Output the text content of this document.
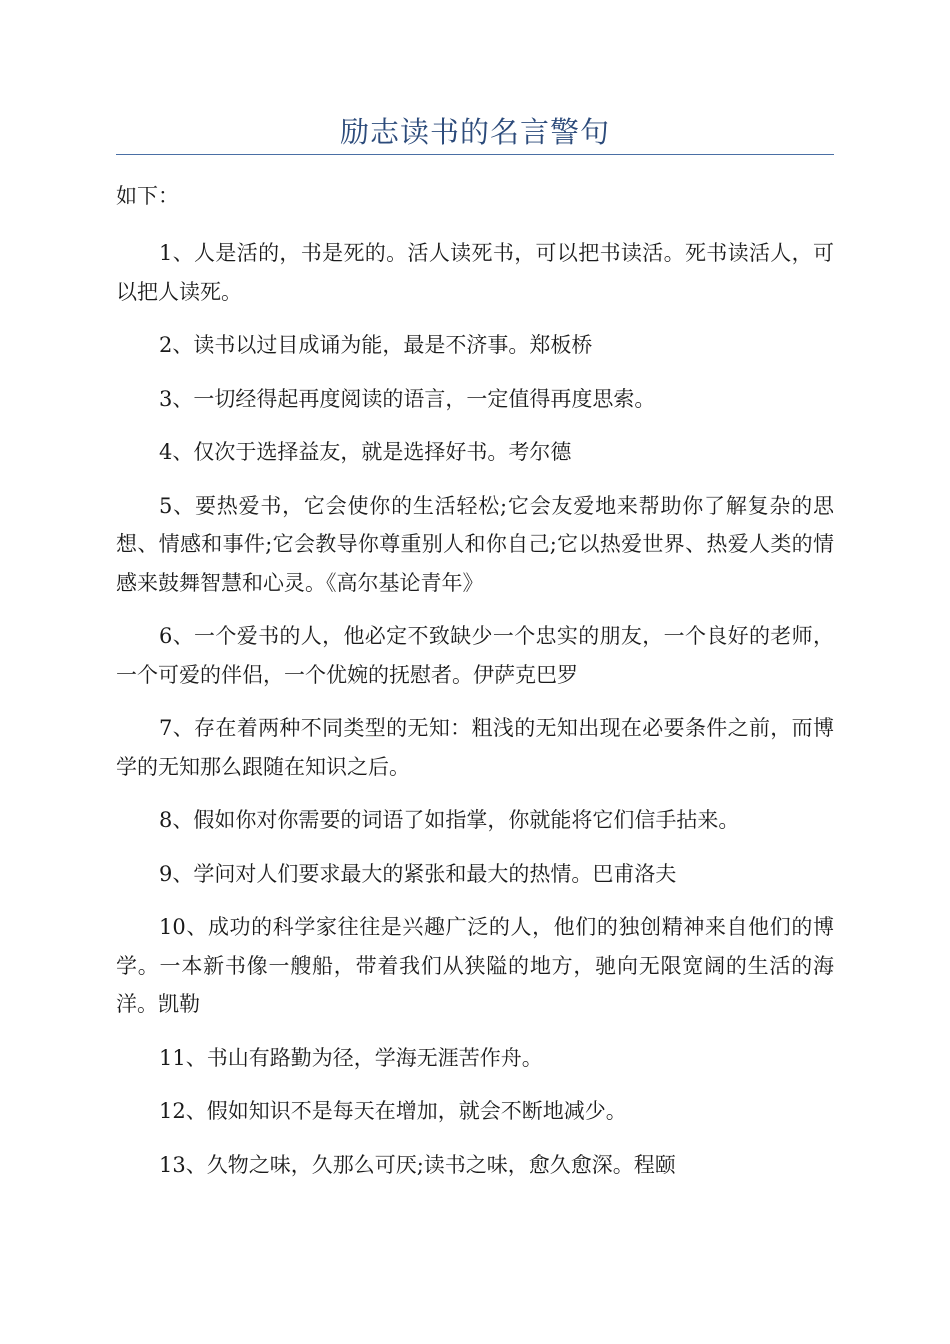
励志读书的名言警句
如下：
1、人是活的，书是死的。活人读死书，可以把书读活。死书读活人，可以把人读死。
2、读书以过目成诵为能，最是不济事。郑板桥
3、一切经得起再度阅读的语言，一定值得再度思索。
4、仅次于选择益友，就是选择好书。考尔德
5、要热爱书，它会使你的生活轻松;它会友爱地来帮助你了解复杂的思想、情感和事件;它会教导你尊重别人和你自己;它以热爱世界、热爱人类的情感来鼓舞智慧和心灵。《高尔基论青年》
6、一个爱书的人，他必定不致缺少一个忠实的朋友，一个良好的老师，一个可爱的伴侣，一个优婉的抚慰者。伊萨克巴罗
7、存在着两种不同类型的无知：粗浅的无知出现在必要条件之前，而博学的无知那么跟随在知识之后。
8、假如你对你需要的词语了如指掌，你就能将它们信手拈来。
9、学问对人们要求最大的紧张和最大的热情。巴甫洛夫
10、成功的科学家往往是兴趣广泛的人，他们的独创精神来自他们的博学。一本新书像一艘船，带着我们从狭隘的地方，驰向无限宽阔的生活的海洋。凯勒
11、书山有路勤为径，学海无涯苦作舟。
12、假如知识不是每天在增加，就会不断地减少。
13、久物之味，久那么可厌;读书之味，愈久愈深。程颐
